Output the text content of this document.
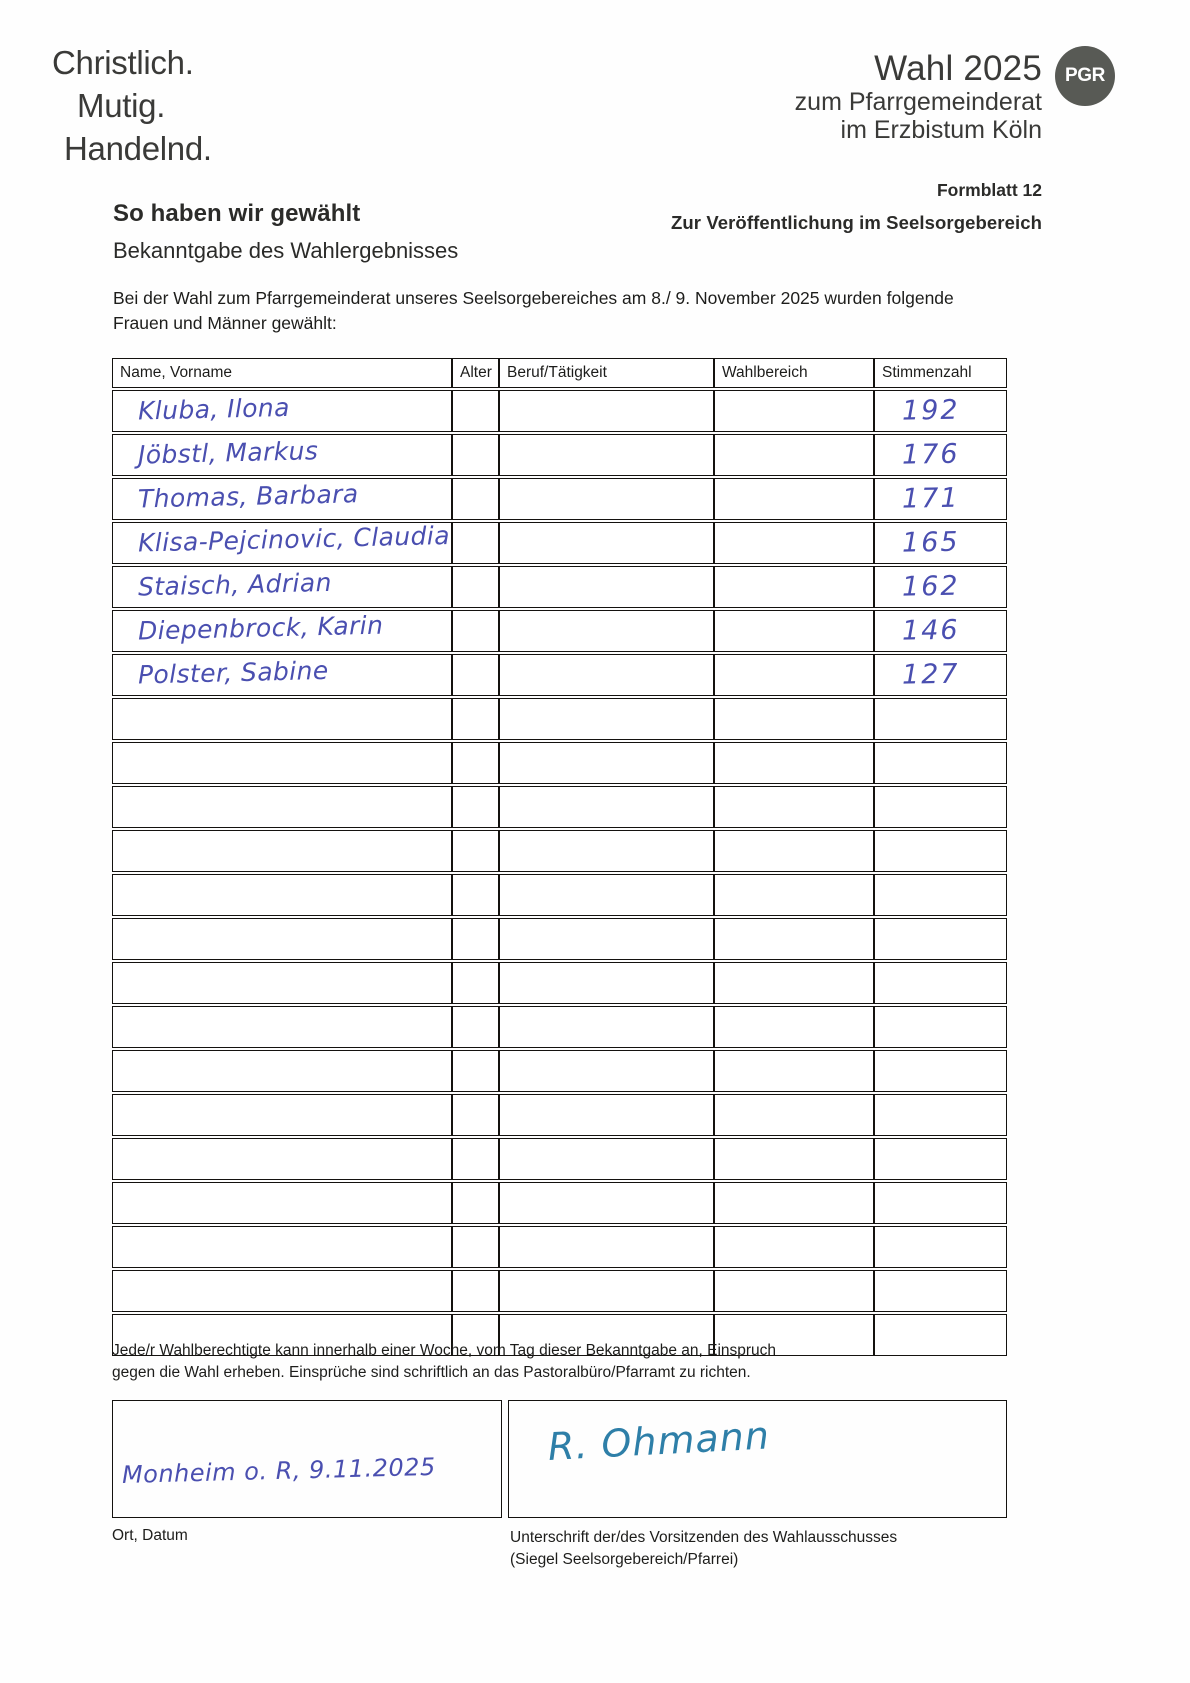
Christlich.
Mutig.
Handelnd.
Wahl 2025
zum Pfarrgemeinderat
im Erzbistum Köln
PGR
Formblatt 12
Zur Veröffentlichung im Seelsorgebereich
So haben wir gewählt
Bekanntgabe des Wahlergebnisses
Bei der Wahl zum Pfarrgemeinderat unseres Seelsorgebereiches am 8./ 9. November 2025 wurden folgende Frauen und Männer gewählt:
Name, Vorname	Alter	Beruf/Tätigkeit	Wahlbereich	Stimmenzahl
Kluba, Ilona				192
Jöbstl, Markus				176
Thomas, Barbara				171
Klisa-Pejcinovic, Claudia				165
Staisch, Adrian				162
Diepenbrock, Karin				146
Polster, Sabine				127

Jede/r Wahlberechtigte kann innerhalb einer Woche, vom Tag dieser Bekanntgabe an, Einspruch
gegen die Wahl erheben. Einsprüche sind schriftlich an das Pastoralbüro/Pfarramt zu richten.
Monheim o. R, 9.11.2025
R. Ohmann
Ort, Datum	Unterschrift der/des Vorsitzenden des Wahlausschusses
(Siegel Seelsorgebereich/Pfarrei)
